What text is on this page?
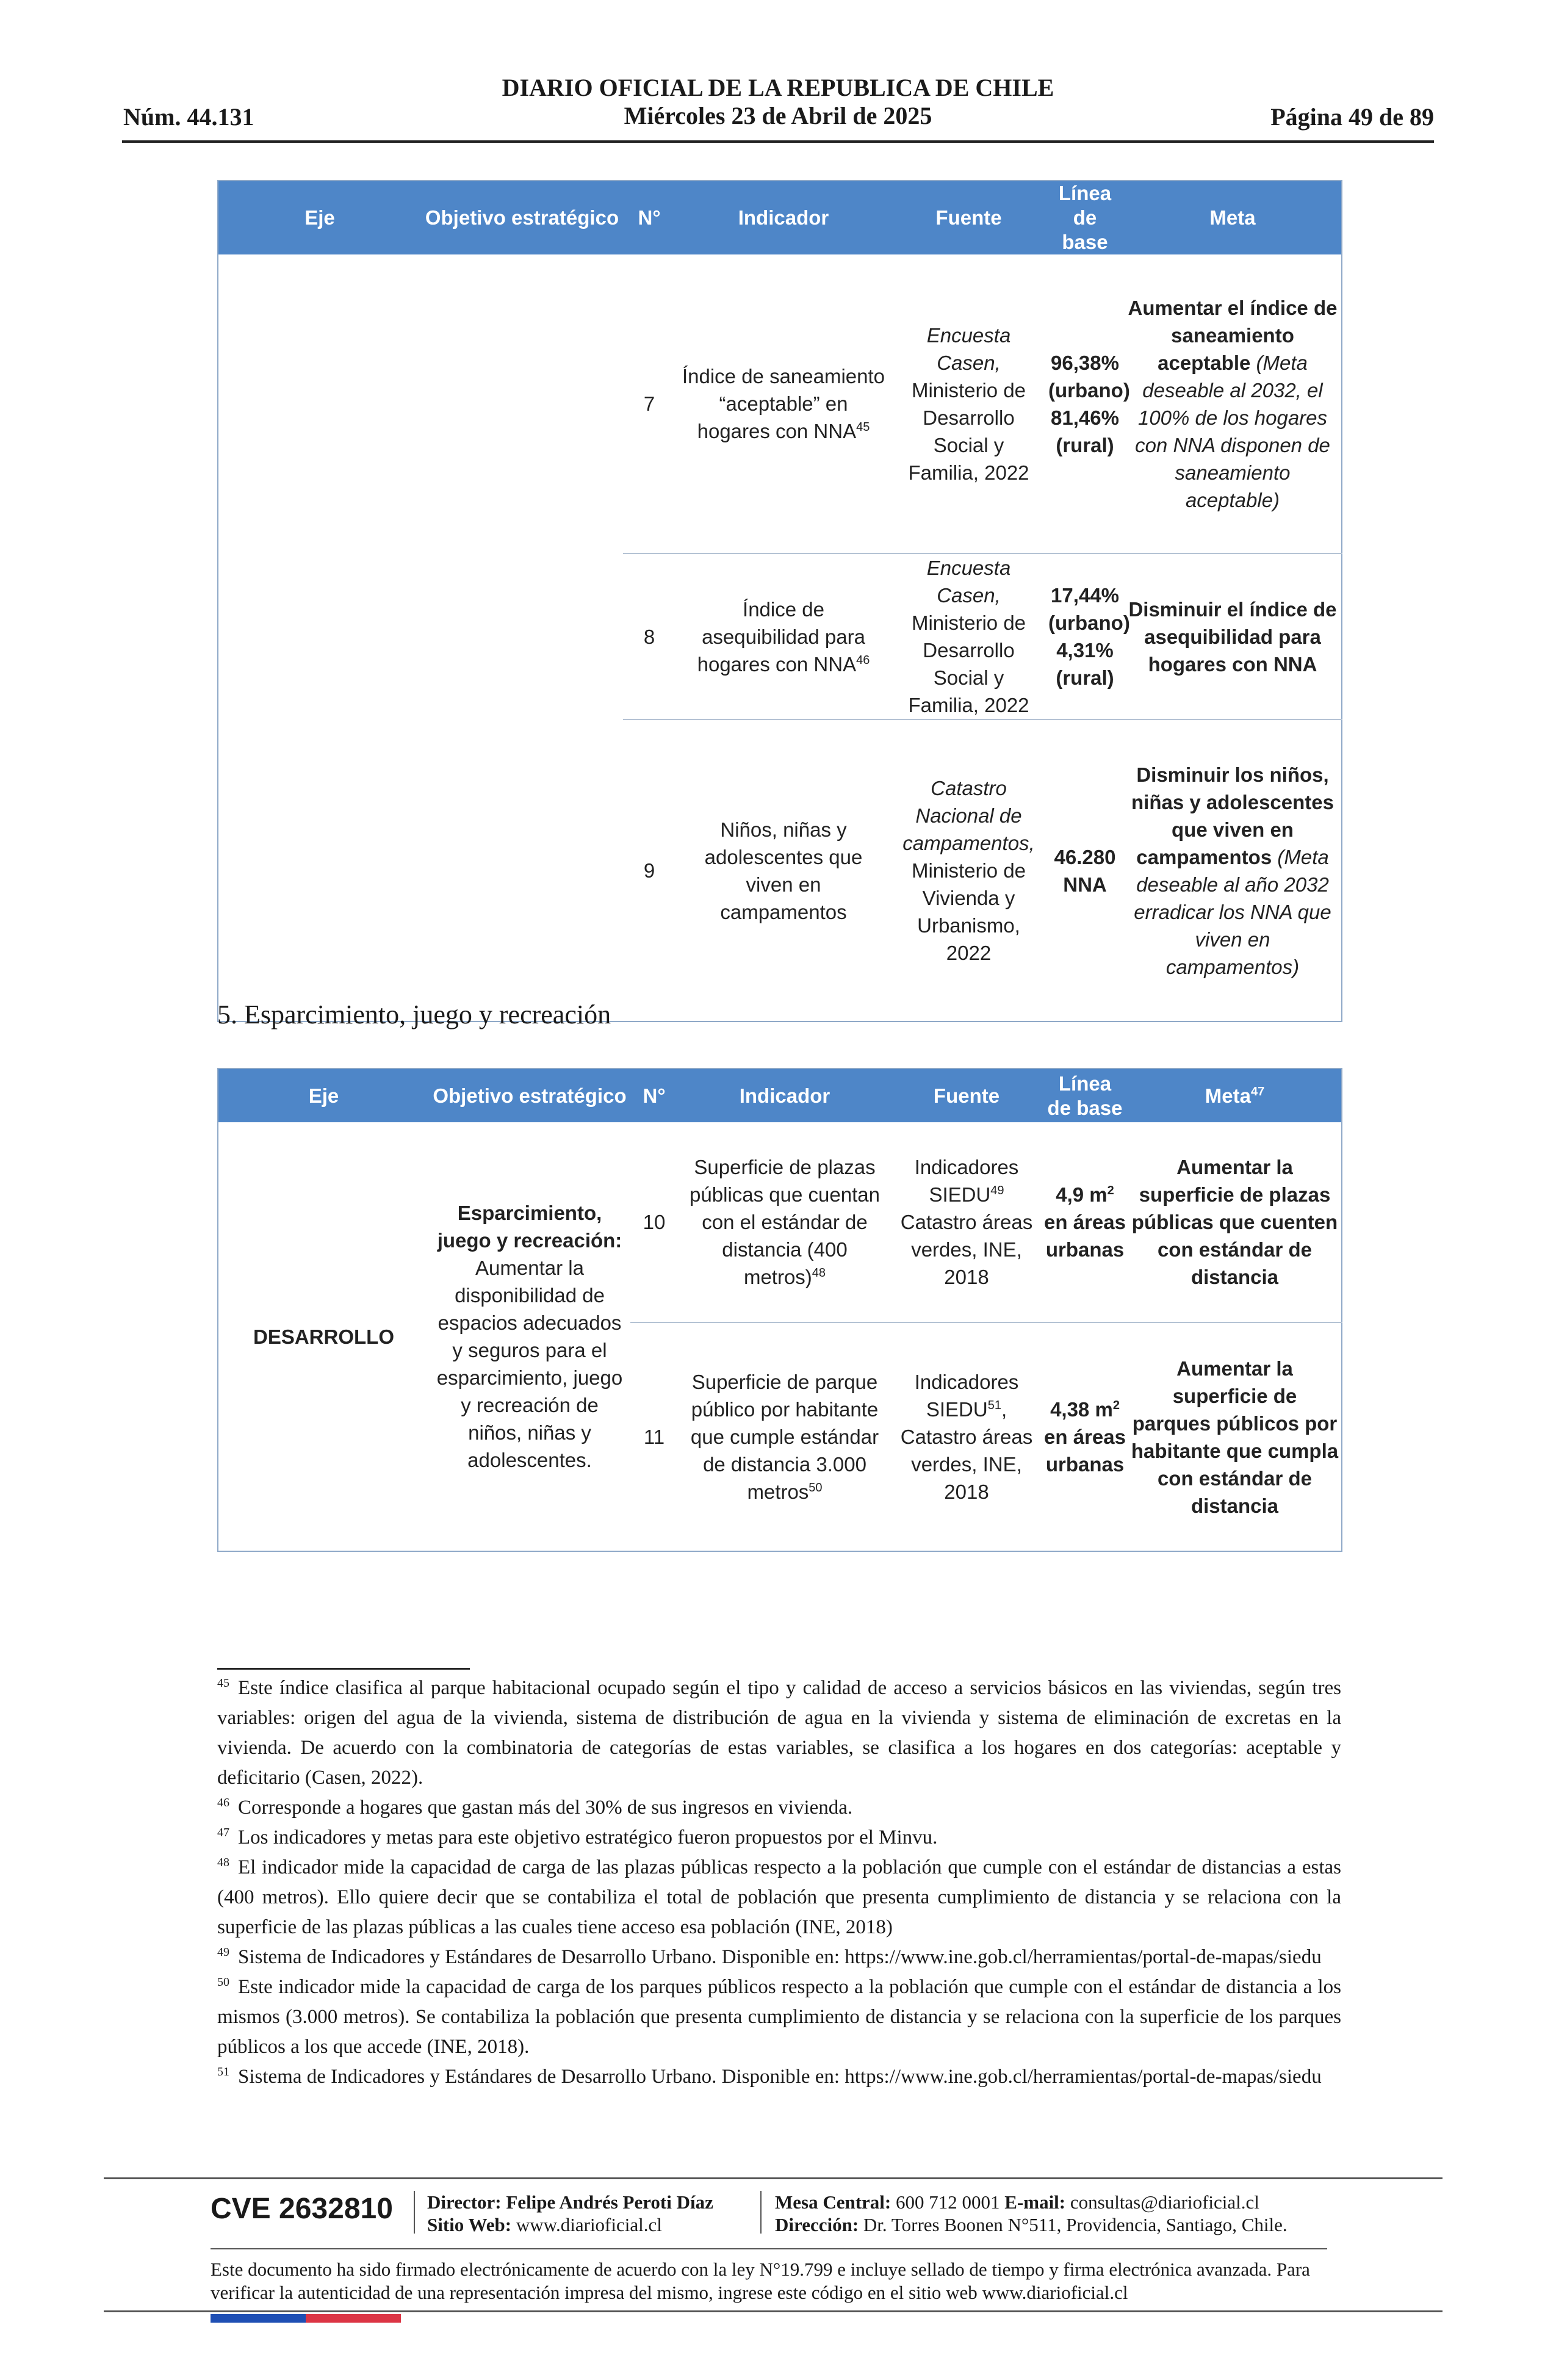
DIARIO OFICIAL DE LA REPUBLICA DE CHILE
Núm. 44.131	Miércoles 23 de Abril de 2025	Página 49 de 89
Eje	Objetivo estratégico	N°	Indicador	Fuente	Línea de base	Meta
		7	Índice de saneamiento “aceptable” en hogares con NNA$^{45}$	Encuesta Casen, Ministerio de Desarrollo Social y Familia, 2022	96,38% (urbano) 81,46% (rural)	Aumentar el índice de saneamiento aceptable (Meta deseable al 2032, el 100% de los hogares con NNA disponen de saneamiento aceptable)
		8	Índice de asequibilidad para hogares con NNA$^{46}$	Encuesta Casen, Ministerio de Desarrollo Social y Familia, 2022	17,44% (urbano) 4,31% (rural)	Disminuir el índice de asequibilidad para hogares con NNA
		9	Niños, niñas y adolescentes que viven en campamentos	Catastro Nacional de campamentos, Ministerio de Vivienda y Urbanismo, 2022	46.280 NNA	Disminuir los niños, niñas y adolescentes que viven en campamentos (Meta deseable al año 2032 erradicar los NNA que viven en campamentos)
5. Esparcimiento, juego y recreación
Eje	Objetivo estratégico	N°	Indicador	Fuente	Línea de base	Meta$^{47}$
DESARROLLO	Esparcimiento, juego y recreación: Aumentar la disponibilidad de espacios adecuados y seguros para el esparcimiento, juego y recreación de niños, niñas y adolescentes.	10	Superficie de plazas públicas que cuentan con el estándar de distancia (400 metros)$^{48}$	Indicadores SIEDU$^{49}$ Catastro áreas verdes, INE, 2018	4,9 $m^2$ en áreas urbanas	Aumentar la superficie de plazas públicas que cuenten con estándar de distancia
		11	Superficie de parque público por habitante que cumple estándar de distancia 3.000 metros$^{50}$	Indicadores SIEDU$^{51}$, Catastro áreas verdes, INE, 2018	4,38 $m^2$ en áreas urbanas	Aumentar la superficie de parques públicos por habitante que cumpla con estándar de distancia

$^{45}$ Este índice clasifica al parque habitacional ocupado según el tipo y calidad de acceso a servicios básicos en las viviendas, según tres variables: origen del agua de la vivienda, sistema de distribución de agua en la vivienda y sistema de eliminación de excretas en la vivienda. De acuerdo con la combinatoria de categorías de estas variables, se clasifica a los hogares en dos categorías: aceptable y deficitario (Casen, 2022).

$^{46}$ Corresponde a hogares que gastan más del 30% de sus ingresos en vivienda.

$^{47}$ Los indicadores y metas para este objetivo estratégico fueron propuestos por el Minvu.

$^{48}$ El indicador mide la capacidad de carga de las plazas públicas respecto a la población que cumple con el estándar de distancias a estas (400 metros). Ello quiere decir que se contabiliza el total de población que presenta cumplimiento de distancia y se relaciona con la superficie de las plazas públicas a las cuales tiene acceso esa población (INE, 2018)

$^{49}$ Sistema de Indicadores y Estándares de Desarrollo Urbano. Disponible en: https://www.ine.gob.cl/herramientas/portal-de-mapas/siedu

$^{50}$ Este indicador mide la capacidad de carga de los parques públicos respecto a la población que cumple con el estándar de distancia a los mismos (3.000 metros). Se contabiliza la población que presenta cumplimiento de distancia y se relaciona con la superficie de los parques públicos a los que accede (INE, 2018).

$^{51}$ Sistema de Indicadores y Estándares de Desarrollo Urbano. Disponible en: https://www.ine.gob.cl/herramientas/portal-de-mapas/siedu

CVE 2632810 Director: Felipe Andrés Peroti Díaz
Sitio Web: www.diarioficial.cl
Mesa Central: 600 712 0001 E-mail: consultas@diarioficial.cl
Dirección: Dr. Torres Boonen N°511, Providencia, Santiago, Chile.
Este documento ha sido firmado electrónicamente de acuerdo con la ley N°19.799 e incluye sellado de tiempo y firma electrónica avanzada. Para verificar la autenticidad de una representación impresa del mismo, ingrese este código en el sitio web www.diarioficial.cl
